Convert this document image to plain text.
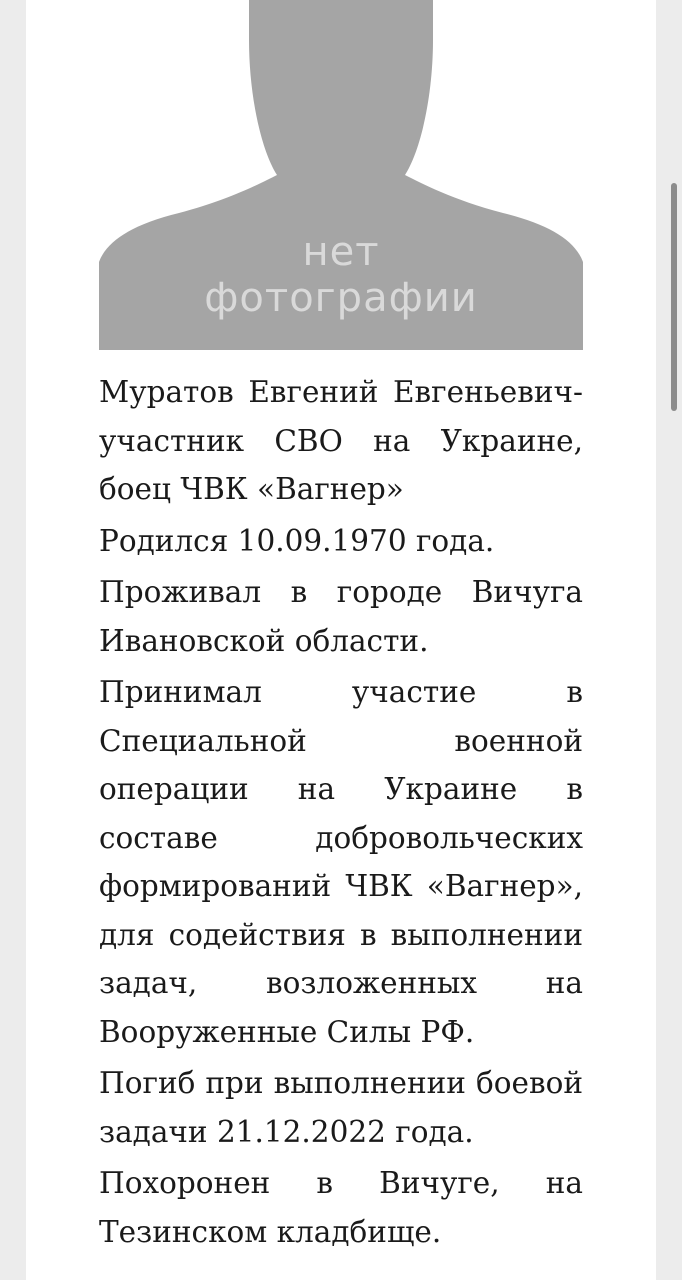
нет
фотографии

Муратов Евгений Евгеньевич- участник СВО на Украине, боец ЧВК «Вагнер»

Родился 10.09.1970 года.

Проживал в городе Вичуга Ивановской области.

Принимал участие в Специальной военной операции на Украине в составе добровольческих формирований ЧВК «Вагнер», для содействия в выполнении задач, возложенных на Вооруженные Силы РФ.

Погиб при выполнении боевой задачи 21.12.2022 года.

Похоронен в Вичуге, на Тезинском кладбище.
